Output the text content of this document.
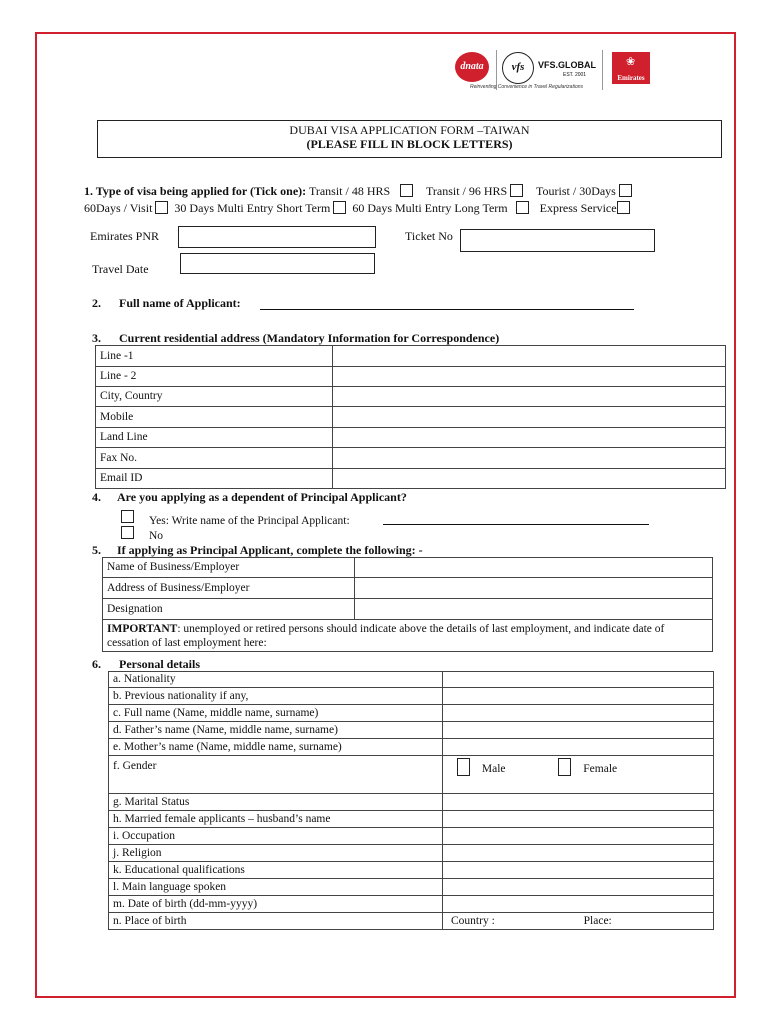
dnata	vfs	VFS.GLOBAL
EST. 2001
Reinventing Convenience in Travel Regularizations
❀
Emirates
DUBAI VISA APPLICATION FORM –TAIWAN
(PLEASE FILL IN BLOCK LETTERS)
1. Type of visa being applied for (Tick one): Transit / 48 HRS	Transit / 96 HRS Tourist / 30Days
60Days / Visit 30 Days Multi Entry Short Term 60 Days Multi Entry Long Term	Express Service
Emirates PNR	Ticket No
Travel Date
2. Full name of Applicant:
3. Current residential address (Mandatory Information for Correspondence)
Line -1	
Line - 2	
City, Country	
Mobile	
Land Line	
Fax No.	
Email ID	
4. Are you applying as a dependent of Principal Applicant?
Yes: Write name of the Principal Applicant:
No
5. If applying as Principal Applicant, complete the following: -
Name of Business/Employer	
Address of Business/Employer	
Designation	
IMPORTANT: unemployed or retired persons should indicate above the details of last employment, and indicate date of cessation of last employment here:	
6. Personal details
a. Nationality	
b. Previous nationality if any,	
c. Full name (Name, middle name, surname)	
d. Father’s name (Name, middle name, surname)	
e. Mother’s name (Name, middle name, surname)	
f. Gender	Male Female
g. Marital Status	
h. Married female applicants – husband’s name	
i. Occupation	
j. Religion	
k. Educational qualifications	
l. Main language spoken	
m. Date of birth (dd-mm-yyyy)	
n. Place of birth	Country : Place:
